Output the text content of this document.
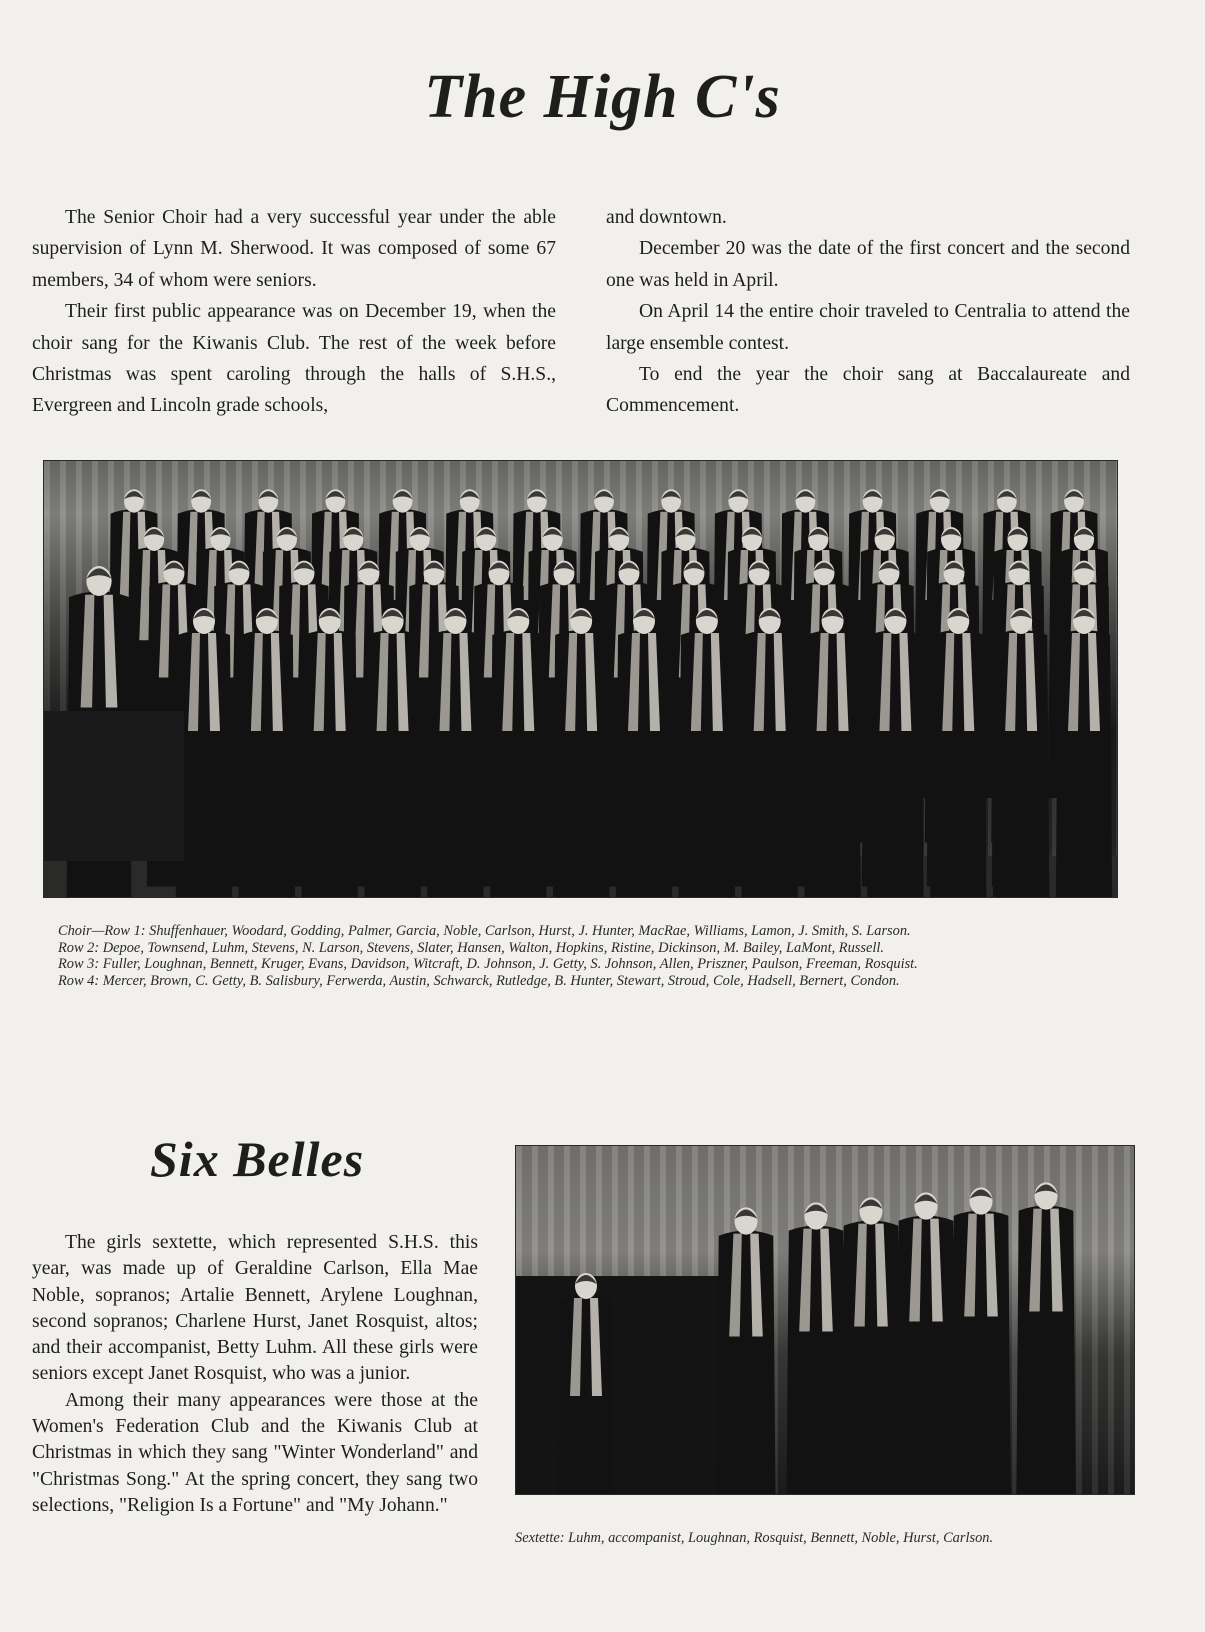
The High C's

The Senior Choir had a very successful year under the able supervision of Lynn M. Sherwood. It was composed of some 67 members, 34 of whom were seniors.

Their first public appearance was on December 19, when the choir sang for the Kiwanis Club. The rest of the week before Christmas was spent caroling through the halls of S.H.S., Evergreen and Lincoln grade schools,

and downtown.

December 20 was the date of the first concert and the second one was held in April.

On April 14 the entire choir traveled to Centralia to attend the large ensemble contest.

To end the year the choir sang at Baccalaureate and Commencement.

Choir—Row 1: Shuffenhauer, Woodard, Godding, Palmer, Garcia, Noble, Carlson, Hurst, J. Hunter, MacRae, Williams, Lamon, J. Smith, S. Larson.

Row 2: Depoe, Townsend, Luhm, Stevens, N. Larson, Stevens, Slater, Hansen, Walton, Hopkins, Ristine, Dickinson, M. Bailey, LaMont, Russell.

Row 3: Fuller, Loughnan, Bennett, Kruger, Evans, Davidson, Witcraft, D. Johnson, J. Getty, S. Johnson, Allen, Priszner, Paulson, Freeman, Rosquist.

Row 4: Mercer, Brown, C. Getty, B. Salisbury, Ferwerda, Austin, Schwarck, Rutledge, B. Hunter, Stewart, Stroud, Cole, Hadsell, Bernert, Condon.

Six Belles

The girls sextette, which represented S.H.S. this year, was made up of Geraldine Carlson, Ella Mae Noble, sopranos; Artalie Bennett, Arylene Loughnan, second sopranos; Charlene Hurst, Janet Rosquist, altos; and their accompanist, Betty Luhm. All these girls were seniors except Janet Rosquist, who was a junior.

Among their many appearances were those at the Women's Federation Club and the Kiwanis Club at Christmas in which they sang "Winter Wonderland" and "Christmas Song." At the spring concert, they sang two selections, "Religion Is a Fortune" and "My Johann."

Sextette: Luhm, accompanist, Loughnan, Rosquist, Bennett, Noble, Hurst, Carlson.
